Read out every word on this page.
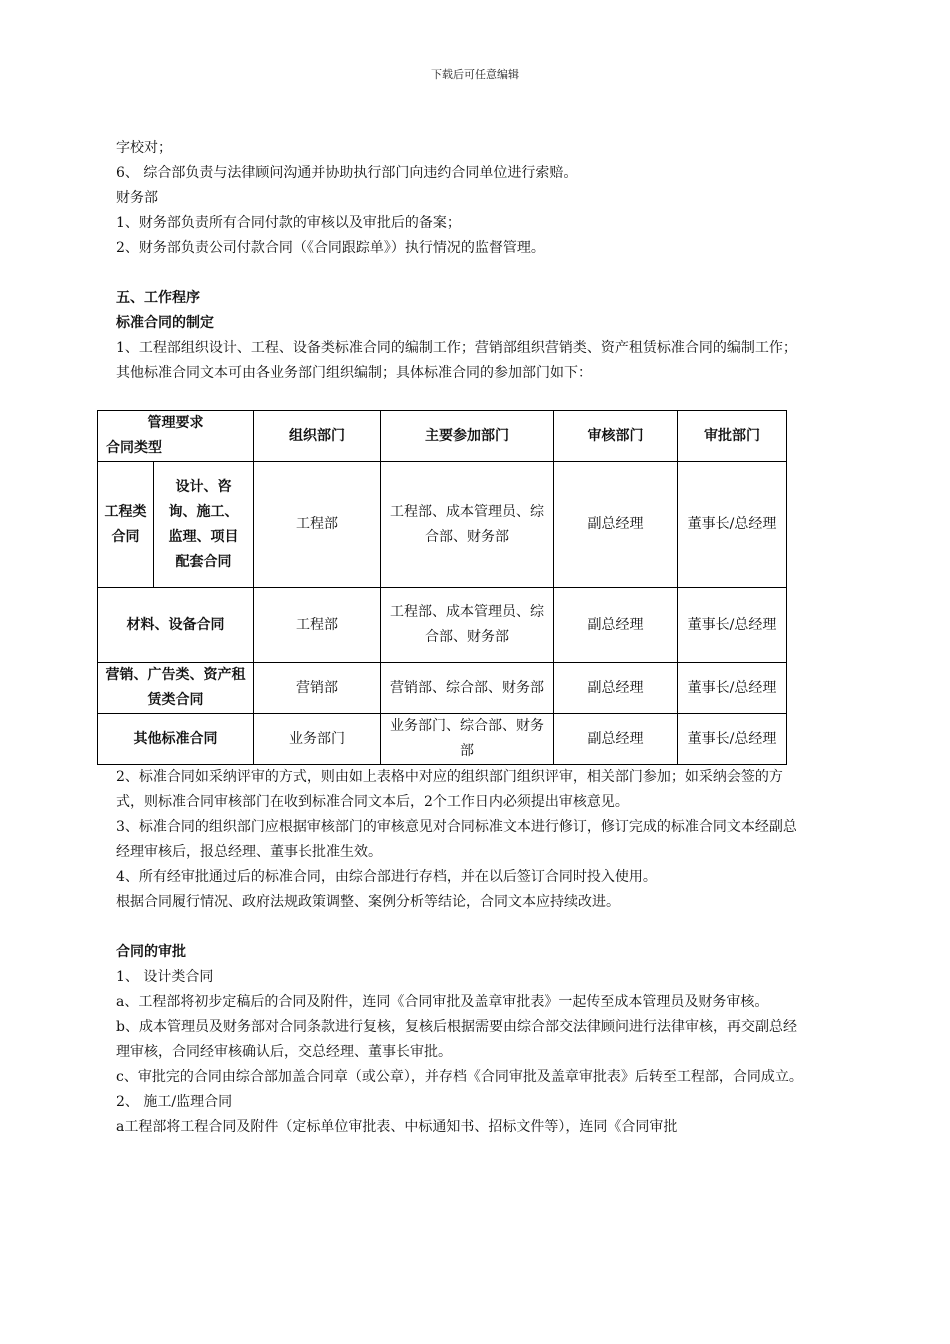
下载后可任意编辑
字校对；
6、 综合部负责与法律顾问沟通并协助执行部门向违约合同单位进行索赔。
财务部
1、财务部负责所有合同付款的审核以及审批后的备案；
2、财务部负责公司付款合同（《合同跟踪单》）执行情况的监督管理。
五、工作程序
标准合同的制定
1、工程部组织设计、工程、设备类标准合同的编制工作；营销部组织营销类、资产租赁标准合同的编制工作；其他标准合同文本可由各业务部门组织编制；具体标准合同的参加部门如下：
管理要求
合同类型		组织部门	主要参加部门	审核部门	审批部门
工程类合同	设计、咨询、施工、监理、项目配套合同	工程部	工程部、成本管理员、综合部、财务部	副总经理	董事长/总经理
材料、设备合同		工程部	工程部、成本管理员、综合部、财务部	副总经理	董事长/总经理
营销、广告类、资产租赁类合同		营销部	营销部、综合部、财务部	副总经理	董事长/总经理
其他标准合同		业务部门	业务部门、综合部、财务部	副总经理	董事长/总经理
2、标准合同如采纳评审的方式，则由如上表格中对应的组织部门组织评审，相关部门参加；如采纳会签的方式，则标准合同审核部门在收到标准合同文本后，2个工作日内必须提出审核意见。
3、标准合同的组织部门应根据审核部门的审核意见对合同标准文本进行修订，修订完成的标准合同文本经副总经理审核后，报总经理、董事长批准生效。
4、所有经审批通过后的标准合同，由综合部进行存档，并在以后签订合同时投入使用。
根据合同履行情况、政府法规政策调整、案例分析等结论，合同文本应持续改进。
合同的审批
1、 设计类合同
a、工程部将初步定稿后的合同及附件，连同《合同审批及盖章审批表》一起传至成本管理员及财务审核。
b、成本管理员及财务部对合同条款进行复核，复核后根据需要由综合部交法律顾问进行法律审核，再交副总经理审核，合同经审核确认后，交总经理、董事长审批。
c、审批完的合同由综合部加盖合同章（或公章），并存档《合同审批及盖章审批表》后转至工程部，合同成立。
2、 施工/监理合同
a工程部将工程合同及附件（定标单位审批表、中标通知书、招标文件等），连同《合同审批
